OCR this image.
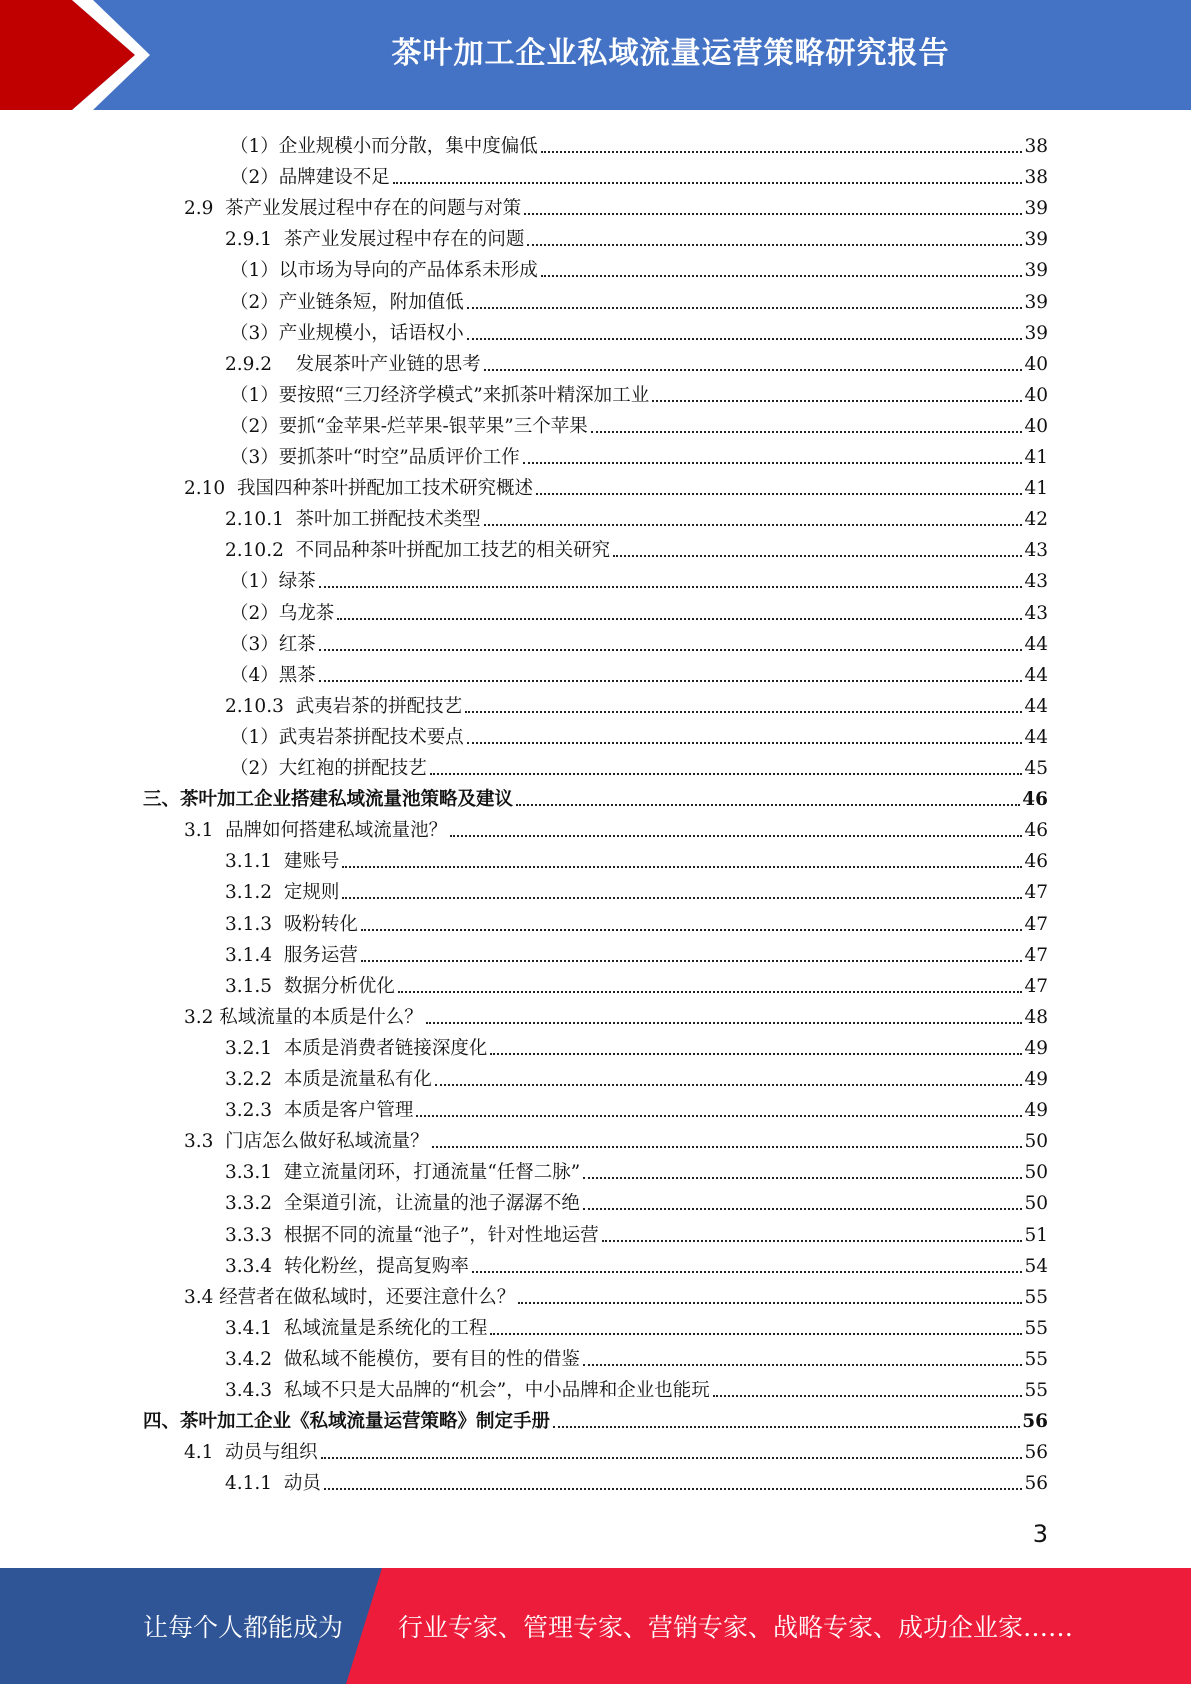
茶叶加工企业私域流量运营策略研究报告
（1）企业规模小而分散，集中度偏低	38
（2）品牌建设不足	38
2.9  茶产业发展过程中存在的问题与对策	39
2.9.1  茶产业发展过程中存在的问题	39
（1）以市场为导向的产品体系未形成	39
（2）产业链条短，附加值低	39
（3）产业规模小，话语权小	39
2.9.2    发展茶叶产业链的思考	40
（1）要按照“三刀经济学模式”来抓茶叶精深加工业	40
（2）要抓“金苹果-烂苹果-银苹果”三个苹果	40
（3）要抓茶叶“时空”品质评价工作	41
2.10  我国四种茶叶拼配加工技术研究概述	41
2.10.1  茶叶加工拼配技术类型	42
2.10.2  不同品种茶叶拼配加工技艺的相关研究	43
（1）绿茶	43
（2）乌龙茶	43
（3）红茶	44
（4）黑茶	44
2.10.3  武夷岩茶的拼配技艺	44
（1）武夷岩茶拼配技术要点	44
（2）大红袍的拼配技艺	45
三、茶叶加工企业搭建私域流量池策略及建议	46
3.1  品牌如何搭建私域流量池？	46
3.1.1  建账号	46
3.1.2  定规则	47
3.1.3  吸粉转化	47
3.1.4  服务运营	47
3.1.5  数据分析优化	47
3.2 私域流量的本质是什么？	48
3.2.1  本质是消费者链接深度化	49
3.2.2  本质是流量私有化	49
3.2.3  本质是客户管理	49
3.3  门店怎么做好私域流量？	50
3.3.1  建立流量闭环，打通流量“任督二脉”	50
3.3.2  全渠道引流，让流量的池子潺潺不绝	50
3.3.3  根据不同的流量“池子”，针对性地运营	51
3.3.4  转化粉丝，提高复购率	54
3.4 经营者在做私域时，还要注意什么？	55
3.4.1  私域流量是系统化的工程	55
3.4.2  做私域不能模仿，要有目的性的借鉴	55
3.4.3  私域不只是大品牌的“机会”，中小品牌和企业也能玩	55
四、茶叶加工企业《私域流量运营策略》制定手册	56
4.1  动员与组织	56
4.1.1  动员	56
3
让每个人都能成为 行业专家、管理专家、营销专家、战略专家、成功企业家……
